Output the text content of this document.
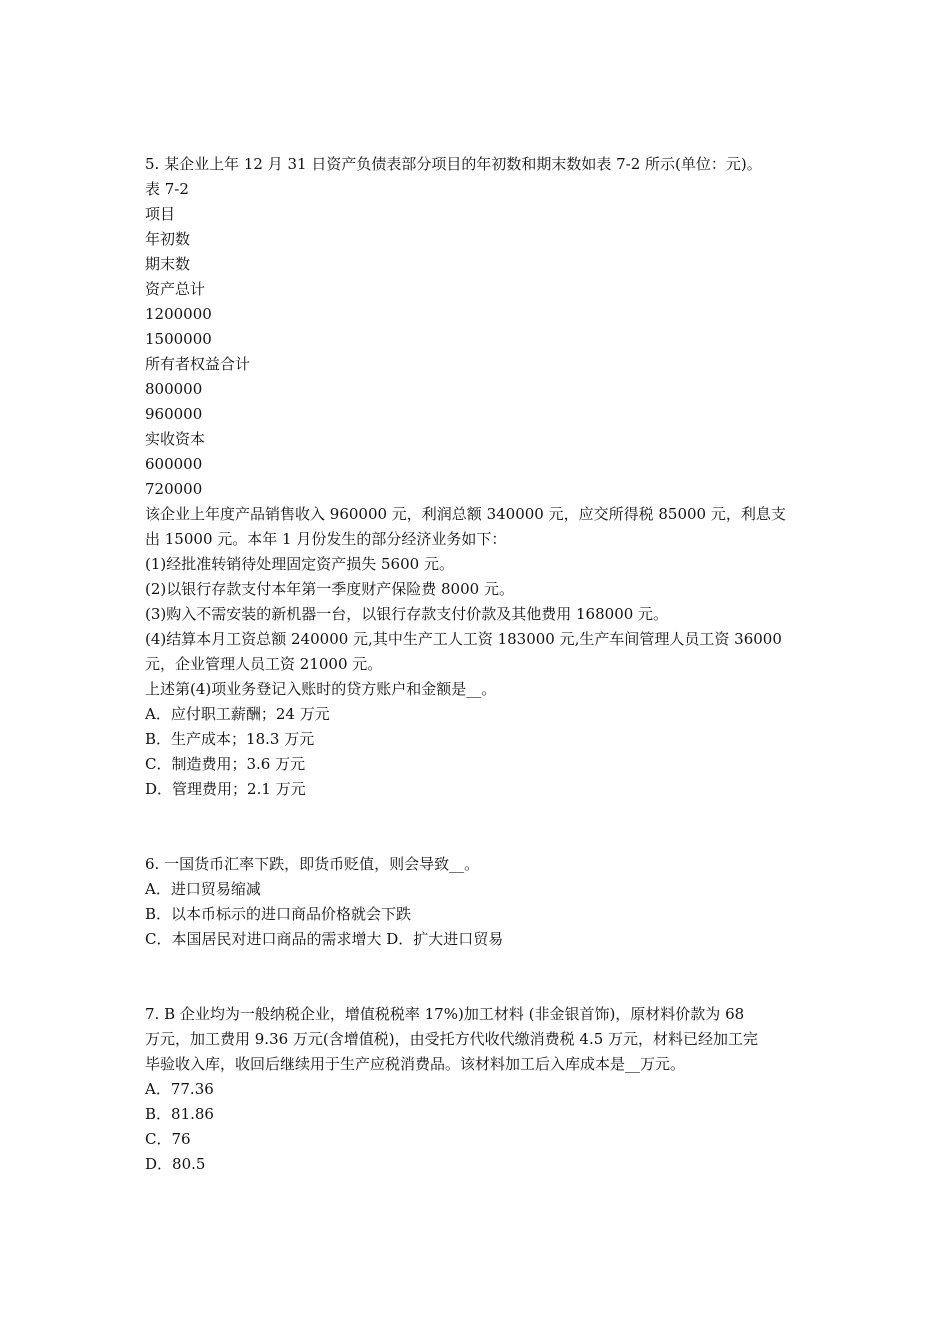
5. 某企业上年 12 月 31 日资产负债表部分项目的年初数和期末数如表 7-2 所示(单位：元)。
表 7-2
项目
年初数
期末数
资产总计
1200000
1500000
所有者权益合计
800000
960000
实收资本
600000
720000
该企业上年度产品销售收入 960000 元，利润总额 340000 元，应交所得税 85000 元，利息支
出 15000 元。本年 1 月份发生的部分经济业务如下：
(1)经批准转销待处理固定资产损失 5600 元。
(2)以银行存款支付本年第一季度财产保险费 8000 元。
(3)购入不需安装的新机器一台，以银行存款支付价款及其他费用 168000 元。
(4)结算本月工资总额 240000 元,其中生产工人工资 183000 元,生产车间管理人员工资 36000
元，企业管理人员工资 21000 元。
上述第(4)项业务登记入账时的贷方账户和金额是__。
A．应付职工薪酬；24 万元
B．生产成本；18.3 万元
C．制造费用；3.6 万元
D．管理费用；2.1 万元
6. 一国货币汇率下跌，即货币贬值，则会导致__。
A．进口贸易缩减
B．以本币标示的进口商品价格就会下跌
C．本国居民对进口商品的需求增大 D．扩大进口贸易
7. B 企业均为一般纳税企业，增值税税率 17%)加工材料 (非金银首饰)，原材料价款为 68
万元，加工费用 9.36 万元(含增值税)，由受托方代收代缴消费税 4.5 万元，材料已经加工完
毕验收入库，收回后继续用于生产应税消费品。该材料加工后入库成本是__万元。
A．77.36
B．81.86
C．76
D．80.5
